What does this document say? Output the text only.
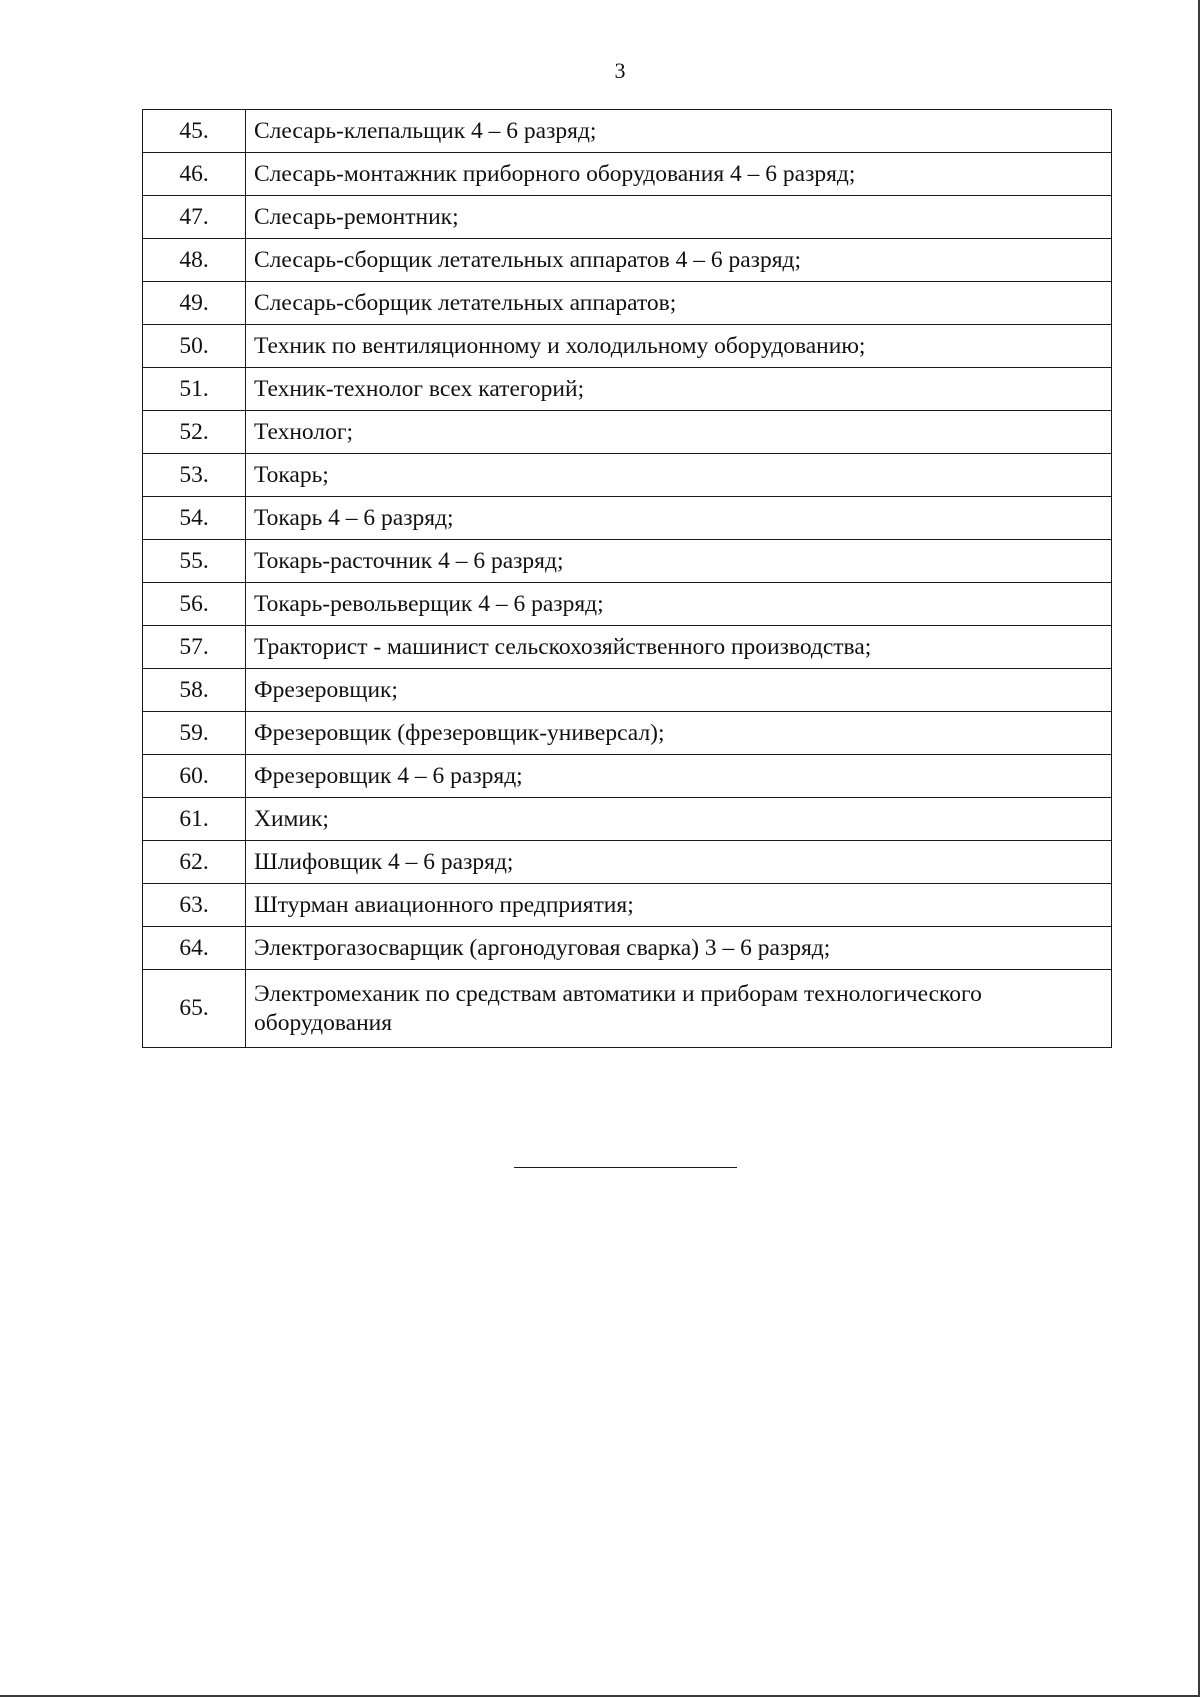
3
45.	Слесарь-клепальщик 4 – 6 разряд;
46.	Слесарь-монтажник приборного оборудования 4 – 6 разряд;
47.	Слесарь-ремонтник;
48.	Слесарь-сборщик летательных аппаратов 4 – 6 разряд;
49.	Слесарь-сборщик летательных аппаратов;
50.	Техник по вентиляционному и холодильному оборудованию;
51.	Техник-технолог всех категорий;
52.	Технолог;
53.	Токарь;
54.	Токарь 4 – 6 разряд;
55.	Токарь-расточник 4 – 6 разряд;
56.	Токарь-револьверщик 4 – 6 разряд;
57.	Тракторист - машинист сельскохозяйственного производства;
58.	Фрезеровщик;
59.	Фрезеровщик (фрезеровщик-универсал);
60.	Фрезеровщик 4 – 6 разряд;
61.	Химик;
62.	Шлифовщик 4 – 6 разряд;
63.	Штурман авиационного предприятия;
64.	Электрогазосварщик (аргонодуговая сварка) 3 – 6 разряд;
65.	Электромеханик по средствам автоматики и приборам технологического оборудования
